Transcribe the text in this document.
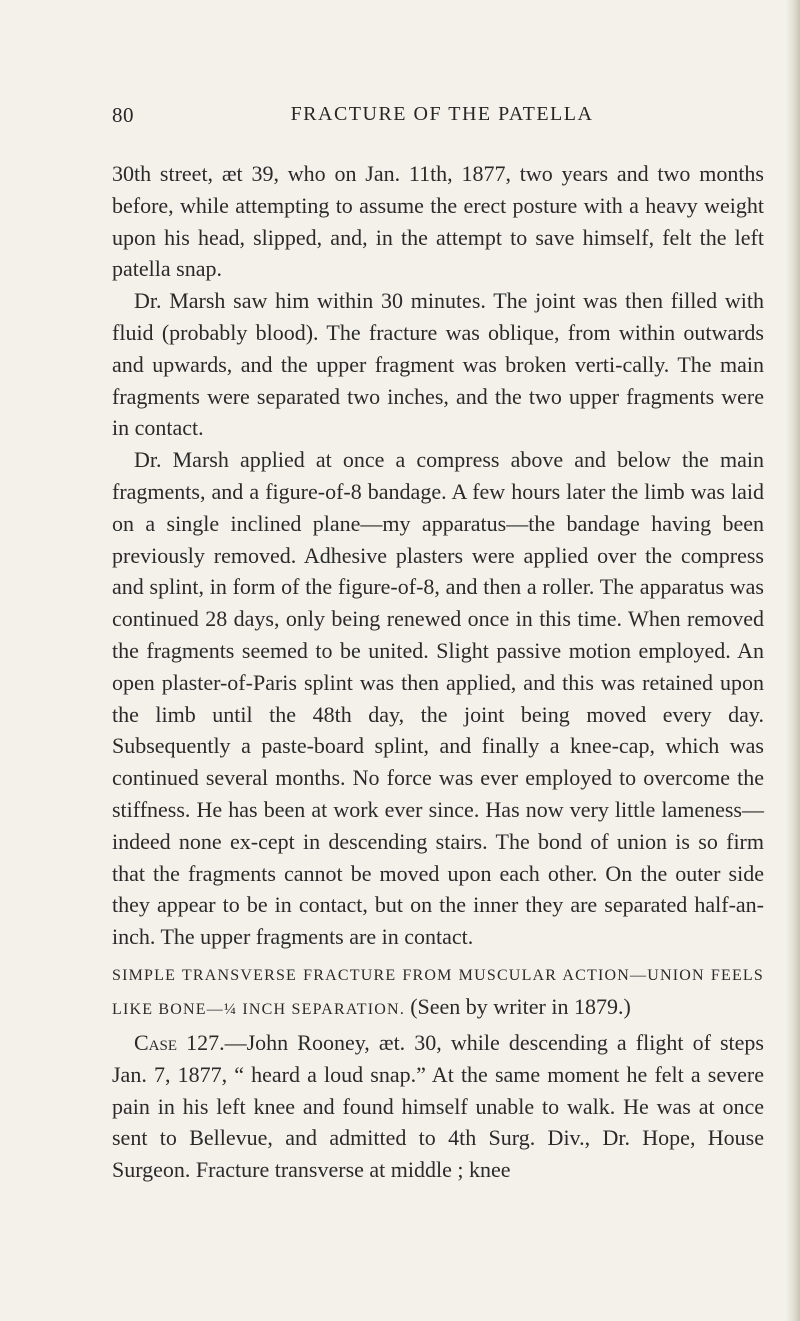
80	FRACTURE OF THE PATELLA

30th street, æt 39, who on Jan. 11th, 1877, two years and two months before, while attempting to assume the erect posture with a heavy weight upon his head, slipped, and, in the attempt to save himself, felt the left patella snap.

Dr. Marsh saw him within 30 minutes. The joint was then filled with fluid (probably blood). The fracture was oblique, from within outwards and upwards, and the upper fragment was broken verti-cally. The main fragments were separated two inches, and the two upper fragments were in contact.

Dr. Marsh applied at once a compress above and below the main fragments, and a figure-of-8 bandage. A few hours later the limb was laid on a single inclined plane—my apparatus—the bandage having been previously removed. Adhesive plasters were applied over the compress and splint, in form of the figure-of-8, and then a roller. The apparatus was continued 28 days, only being renewed once in this time. When removed the fragments seemed to be united. Slight passive motion employed. An open plaster-of-Paris splint was then applied, and this was retained upon the limb until the 48th day, the joint being moved every day. Subsequently a paste-board splint, and finally a knee-cap, which was continued several months. No force was ever employed to overcome the stiffness. He has been at work ever since. Has now very little lameness—indeed none ex-cept in descending stairs. The bond of union is so firm that the fragments cannot be moved upon each other. On the outer side they appear to be in contact, but on the inner they are separated half-an-inch. The upper fragments are in contact.

SIMPLE TRANSVERSE FRACTURE FROM MUSCULAR ACTION—UNION FEELS LIKE BONE—¼ INCH SEPARATION. (Seen by writer in 1879.)

Case 127.—John Rooney, æt. 30, while descending a flight of steps Jan. 7, 1877, “ heard a loud snap.” At the same moment he felt a severe pain in his left knee and found himself unable to walk. He was at once sent to Bellevue, and admitted to 4th Surg. Div., Dr. Hope, House Surgeon. Fracture transverse at middle ; knee
